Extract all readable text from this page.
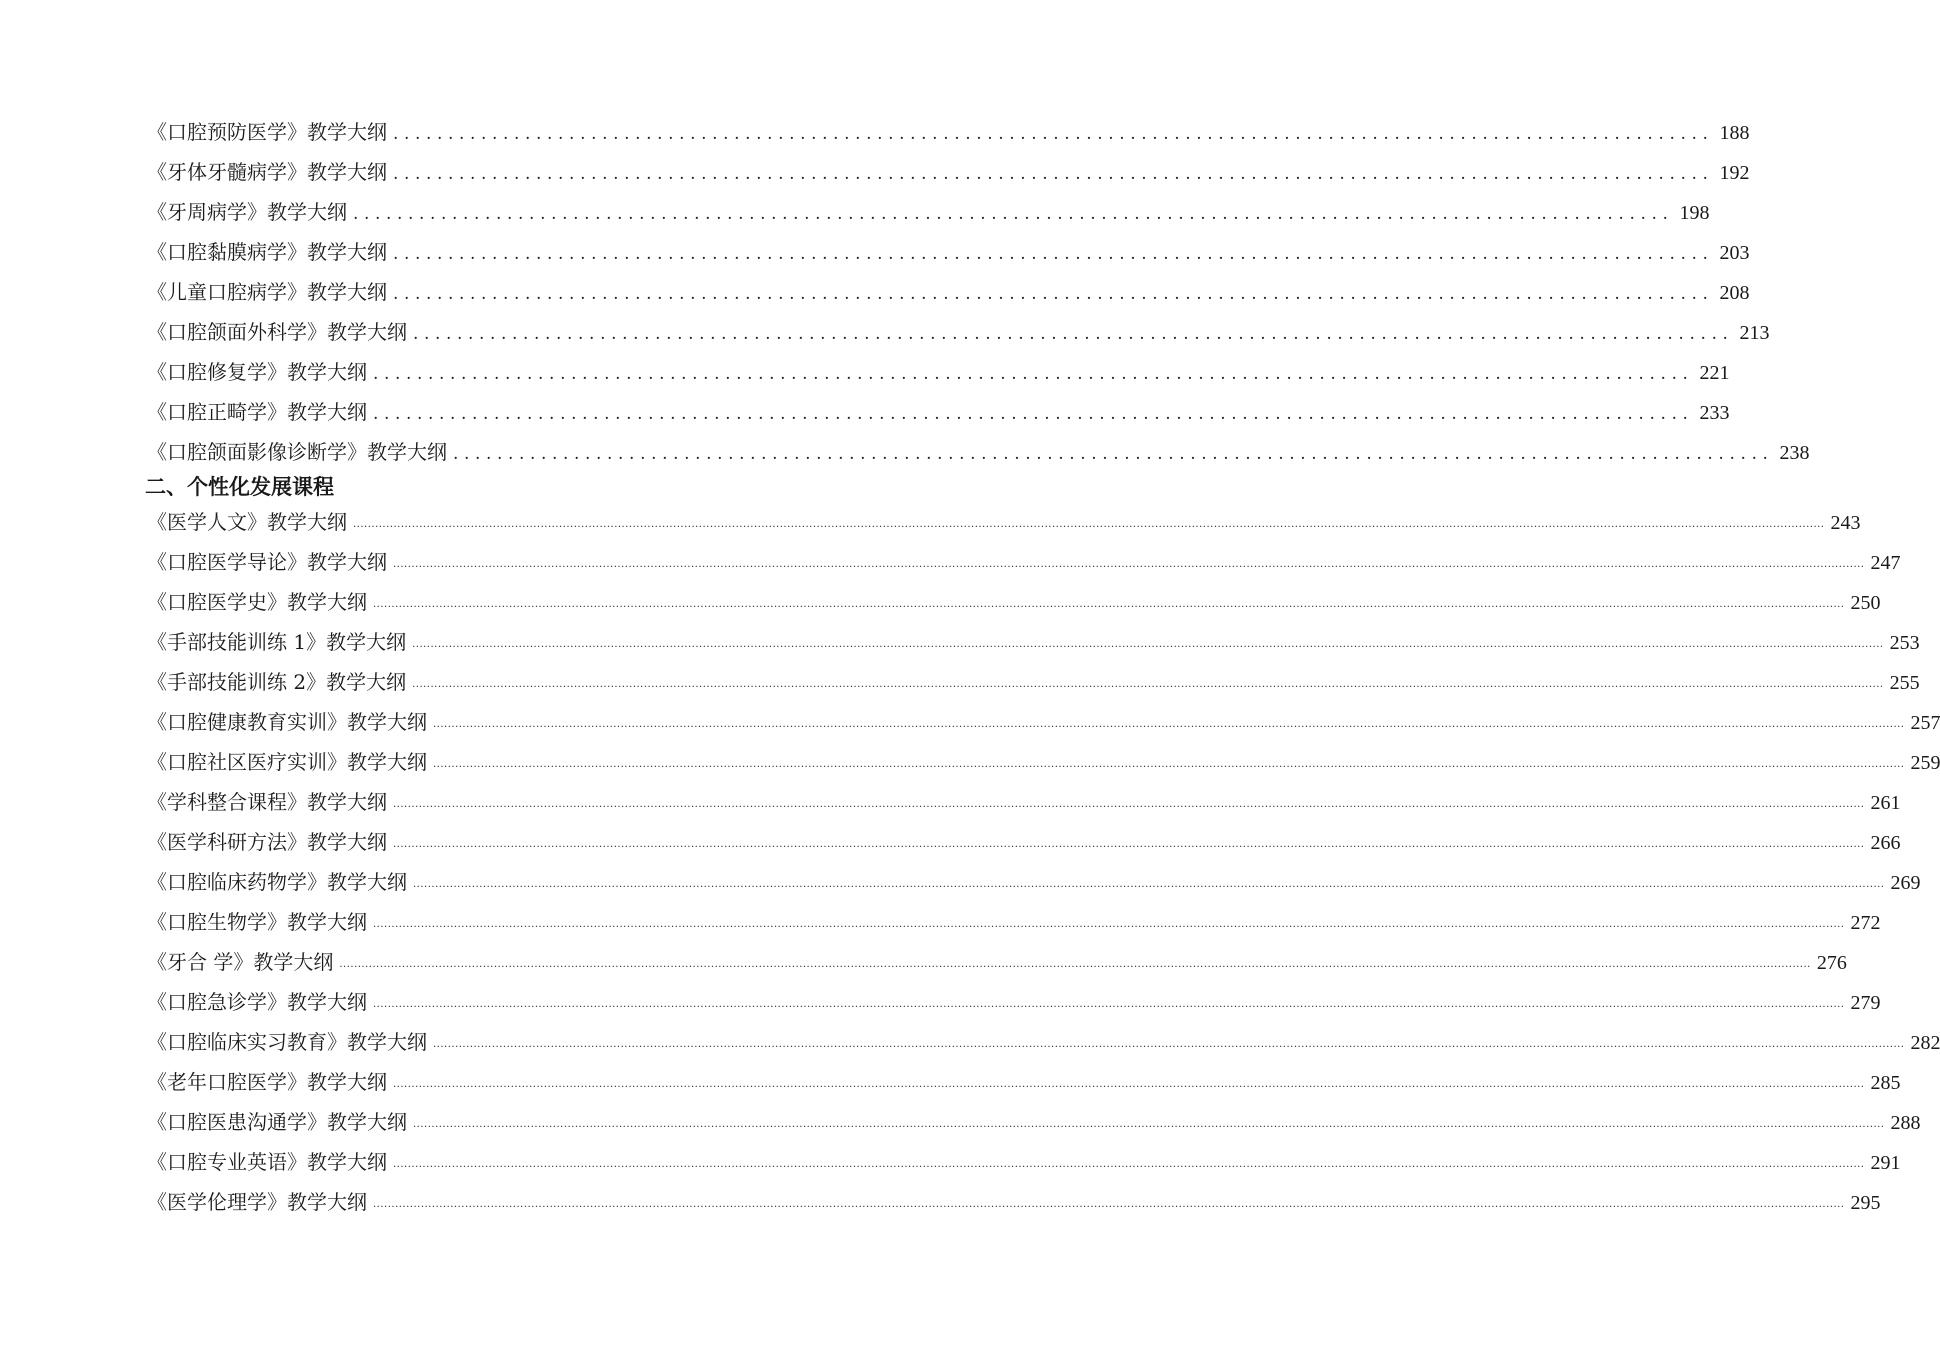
《口腔预防医学》教学大纲 ........................................................................................................................ 188
《牙体牙髓病学》教学大纲 ........................................................................................................................ 192
《牙周病学》教学大纲 ........................................................................................................................ 198
《口腔黏膜病学》教学大纲 ........................................................................................................................ 203
《儿童口腔病学》教学大纲 ........................................................................................................................ 208
《口腔颌面外科学》教学大纲 ........................................................................................................................ 213
《口腔修复学》教学大纲 ........................................................................................................................ 221
《口腔正畸学》教学大纲 ........................................................................................................................ 233
《口腔颌面影像诊断学》教学大纲 ........................................................................................................................ 238
二、个性化发展课程
《医学人文》教学大纲 ................................................................................................................................................................................................................................................................................................................................................................................................................ 243
《口腔医学导论》教学大纲 ................................................................................................................................................................................................................................................................................................................................................................................................................ 247
《口腔医学史》教学大纲 ................................................................................................................................................................................................................................................................................................................................................................................................................ 250
《手部技能训练 1》教学大纲 ................................................................................................................................................................................................................................................................................................................................................................................................................ 253
《手部技能训练 2》教学大纲 ................................................................................................................................................................................................................................................................................................................................................................................................................ 255
《口腔健康教育实训》教学大纲 ................................................................................................................................................................................................................................................................................................................................................................................................................ 257
《口腔社区医疗实训》教学大纲 ................................................................................................................................................................................................................................................................................................................................................................................................................ 259
《学科整合课程》教学大纲 ................................................................................................................................................................................................................................................................................................................................................................................................................ 261
《医学科研方法》教学大纲 ................................................................................................................................................................................................................................................................................................................................................................................................................ 266
《口腔临床药物学》教学大纲 ................................................................................................................................................................................................................................................................................................................................................................................................................ 269
《口腔生物学》教学大纲 ................................................................................................................................................................................................................................................................................................................................................................................................................ 272
《牙合 学》教学大纲 ................................................................................................................................................................................................................................................................................................................................................................................................................ 276
《口腔急诊学》教学大纲 ................................................................................................................................................................................................................................................................................................................................................................................................................ 279
《口腔临床实习教育》教学大纲 ................................................................................................................................................................................................................................................................................................................................................................................................................ 282
《老年口腔医学》教学大纲 ................................................................................................................................................................................................................................................................................................................................................................................................................ 285
《口腔医患沟通学》教学大纲 ................................................................................................................................................................................................................................................................................................................................................................................................................ 288
《口腔专业英语》教学大纲 ................................................................................................................................................................................................................................................................................................................................................................................................................ 291
《医学伦理学》教学大纲 ................................................................................................................................................................................................................................................................................................................................................................................................................ 295
